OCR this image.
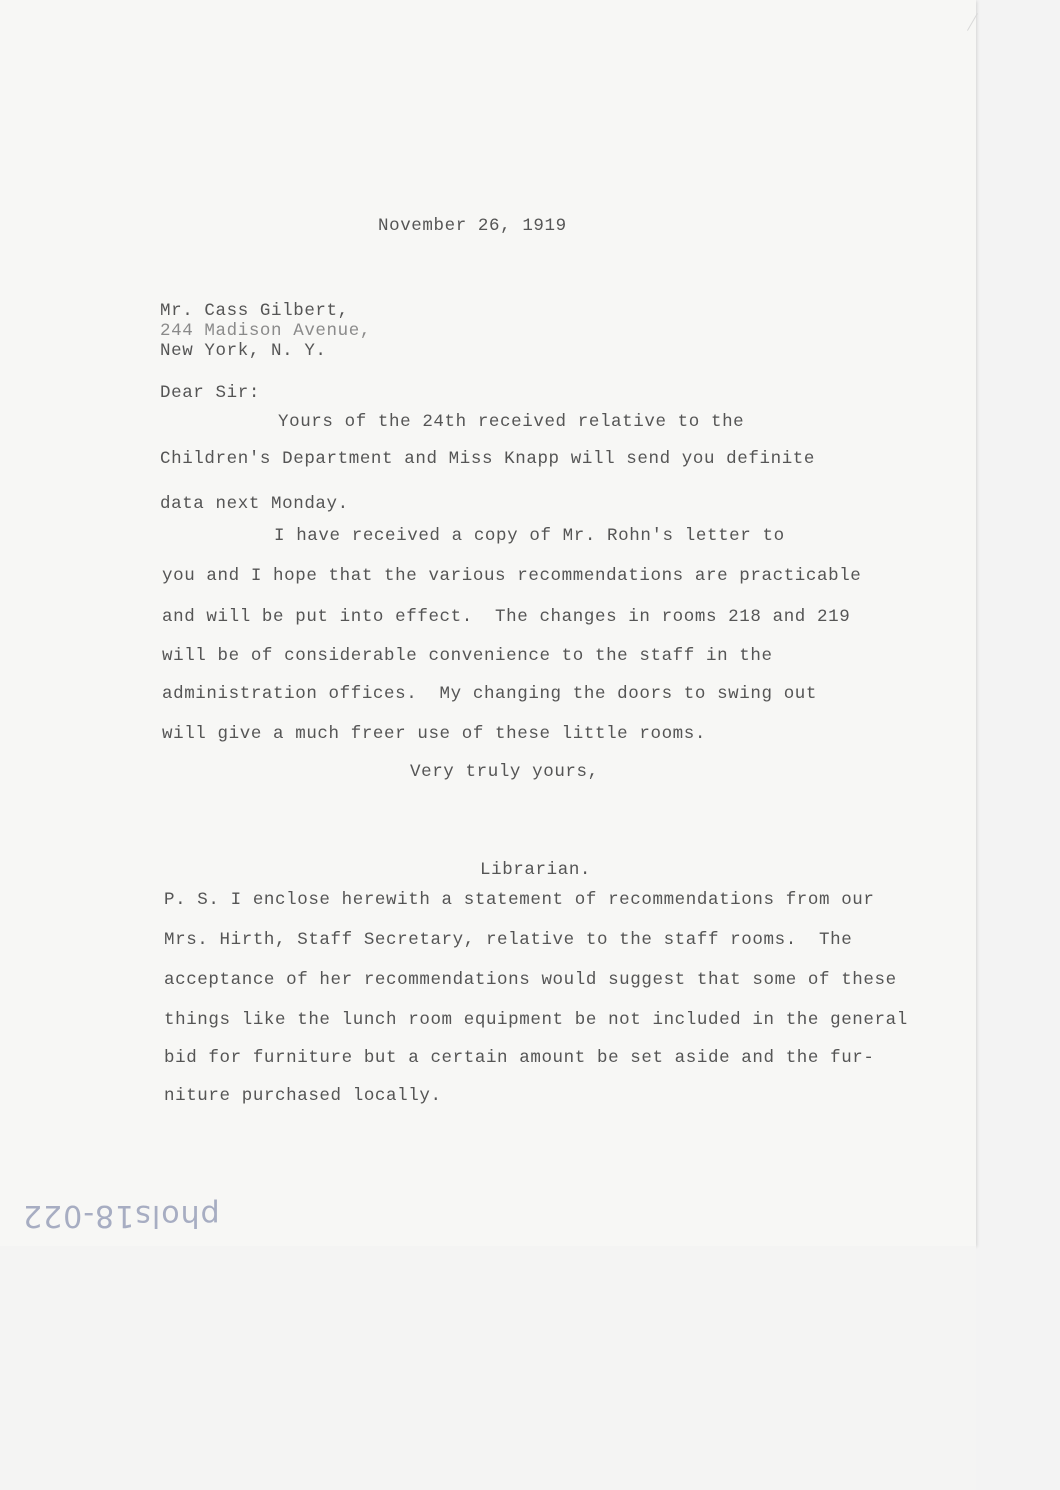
November 26, 1919
Mr. Cass Gilbert,
244 Madison Avenue,
New York, N. Y.
Dear Sir:
Yours of the 24th received relative to the
Children's Department and Miss Knapp will send you definite
data next Monday.
I have received a copy of Mr. Rohn's letter to
you and I hope that the various recommendations are practicable
and will be put into effect.  The changes in rooms 218 and 219
will be of considerable convenience to the staff in the
administration offices.  My changing the doors to swing out
will give a much freer use of these little rooms.
Very truly yours,
Librarian.
P. S. I enclose herewith a statement of recommendations from our
Mrs. Hirth, Staff Secretary, relative to the staff rooms.  The
acceptance of her recommendations would suggest that some of these
things like the lunch room equipment be not included in the general
bid for furniture but a certain amount be set aside and the fur-
niture purchased locally.
phols18-022
